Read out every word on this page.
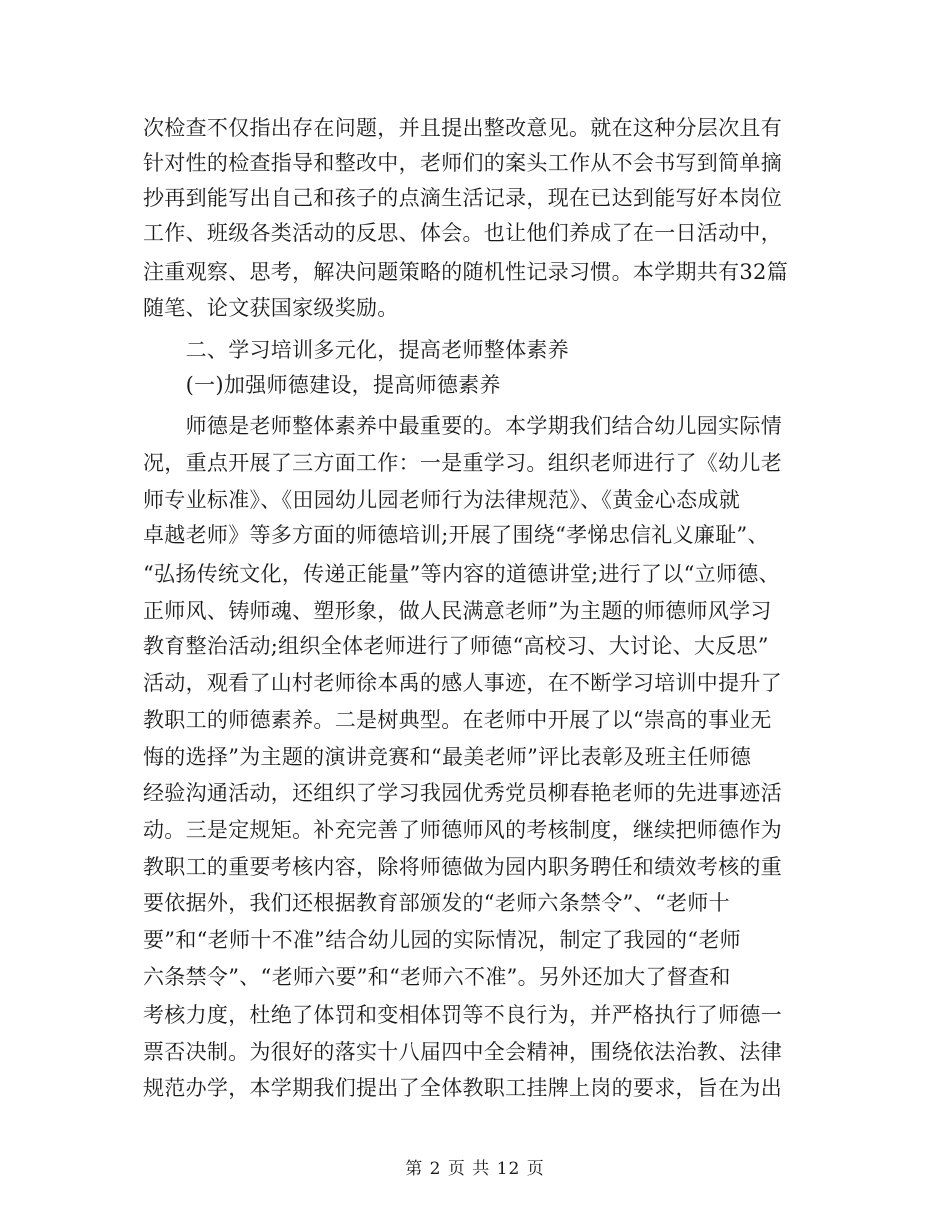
次检查不仅指出存在问题，并且提出整改意见。就在这种分层次且有
针对性的检查指导和整改中，老师们的案头工作从不会书写到简单摘
抄再到能写出自己和孩子的点滴生活记录，现在已达到能写好本岗位
工作、班级各类活动的反思、体会。也让他们养成了在一日活动中，
注重观察、思考，解决问题策略的随机性记录习惯。本学期共有32篇
随笔、论文获国家级奖励。
　　二、学习培训多元化，提高老师整体素养
　　(一)加强师德建设，提高师德素养
　　师德是老师整体素养中最重要的。本学期我们结合幼儿园实际情
况，重点开展了三方面工作：一是重学习。组织老师进行了《幼儿老
师专业标准》、《田园幼儿园老师行为法律规范》、《黄金心态成就
卓越老师》等多方面的师德培训;开展了围绕“孝悌忠信礼义廉耻”、
“弘扬传统文化，传递正能量”等内容的道德讲堂;进行了以“立师德、
正师风、铸师魂、塑形象，做人民满意老师”为主题的师德师风学习
教育整治活动;组织全体老师进行了师德“高校习、大讨论、大反思”
活动，观看了山村老师徐本禹的感人事迹，在不断学习培训中提升了
教职工的师德素养。二是树典型。在老师中开展了以“崇高的事业无
悔的选择”为主题的演讲竞赛和“最美老师”评比表彰及班主任师德
经验沟通活动，还组织了学习我园优秀党员柳春艳老师的先进事迹活
动。三是定规矩。补充完善了师德师风的考核制度，继续把师德作为
教职工的重要考核内容，除将师德做为园内职务聘任和绩效考核的重
要依据外，我们还根据教育部颁发的“老师六条禁令”、“老师十
要”和“老师十不准”结合幼儿园的实际情况，制定了我园的“老师
六条禁令”、“老师六要”和“老师六不准”。另外还加大了督查和
考核力度，杜绝了体罚和变相体罚等不良行为，并严格执行了师德一
票否决制。为很好的落实十八届四中全会精神，围绕依法治教、法律
规范办学，本学期我们提出了全体教职工挂牌上岗的要求，旨在为出
第 2 页 共 12 页
